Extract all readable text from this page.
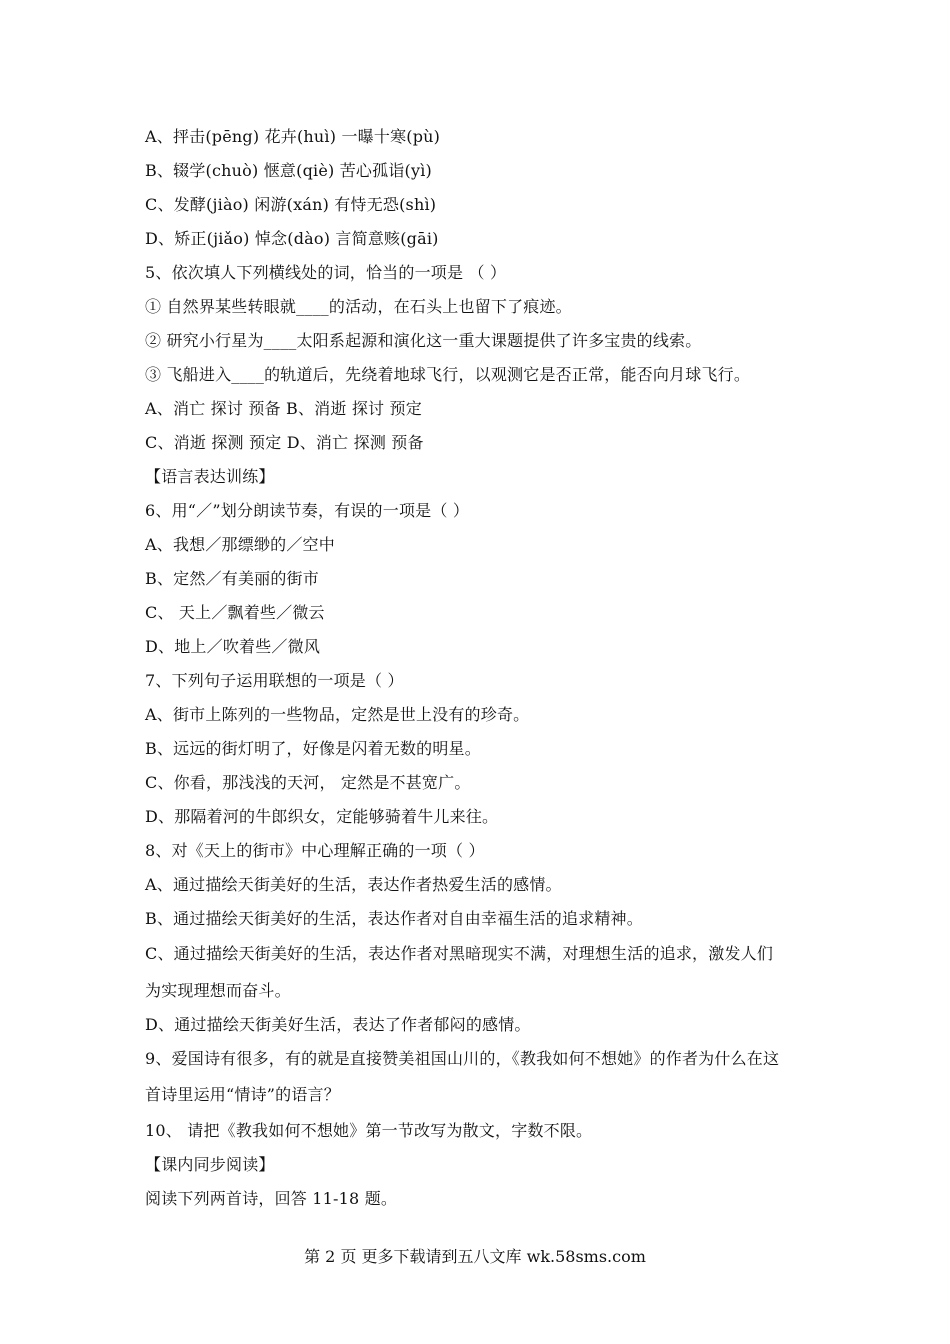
A、抨击(pēng) 花卉(huì) 一曝十寒(pù)
B、辍学(chuò) 惬意(qiè) 苦心孤诣(yì)
C、发酵(jiào) 闲游(xán) 有恃无恐(shì)
D、矫正(jiǎo) 悼念(dào) 言简意赅(gāi)
5、依次填人下列横线处的词，恰当的一项是 （ ）
① 自然界某些转眼就____的活动，在石头上也留下了痕迹。
② 研究小行星为____太阳系起源和演化这一重大课题提供了许多宝贵的线索。
③ 飞船进入____的轨道后，先绕着地球飞行，以观测它是否正常，能否向月球飞行。
A、消亡 探讨 预备 B、消逝 探讨 预定
C、消逝 探测 预定 D、消亡 探测 预备
【语言表达训练】
6、用“／”划分朗读节奏，有误的一项是（ ）
A、我想／那缥缈的／空中
B、定然／有美丽的街市
C、 天上／飘着些／微云
D、地上／吹着些／微风
7、下列句子运用联想的一项是（ ）
A、街市上陈列的一些物品，定然是世上没有的珍奇。
B、远远的街灯明了，好像是闪着无数的明星。
C、你看，那浅浅的天河， 定然是不甚宽广。
D、那隔着河的牛郎织女，定能够骑着牛儿来往。
8、对《天上的街市》中心理解正确的一项（ ）
A、通过描绘天街美好的生活，表达作者热爱生活的感情。
B、通过描绘天街美好的生活，表达作者对自由幸福生活的追求精神。
C、通过描绘天街美好的生活，表达作者对黑暗现实不满，对理想生活的追求，激发人们
为实现理想而奋斗。
D、通过描绘天街美好生活，表达了作者郁闷的感情。
9、爱国诗有很多，有的就是直接赞美祖国山川的，《教我如何不想她》的作者为什么在这
首诗里运用“情诗”的语言？
10、 请把《教我如何不想她》第一节改写为散文，字数不限。
【课内同步阅读】
阅读下列两首诗，回答 11-18 题。
第 2 页 更多下载请到五八文库 wk.58sms.com
